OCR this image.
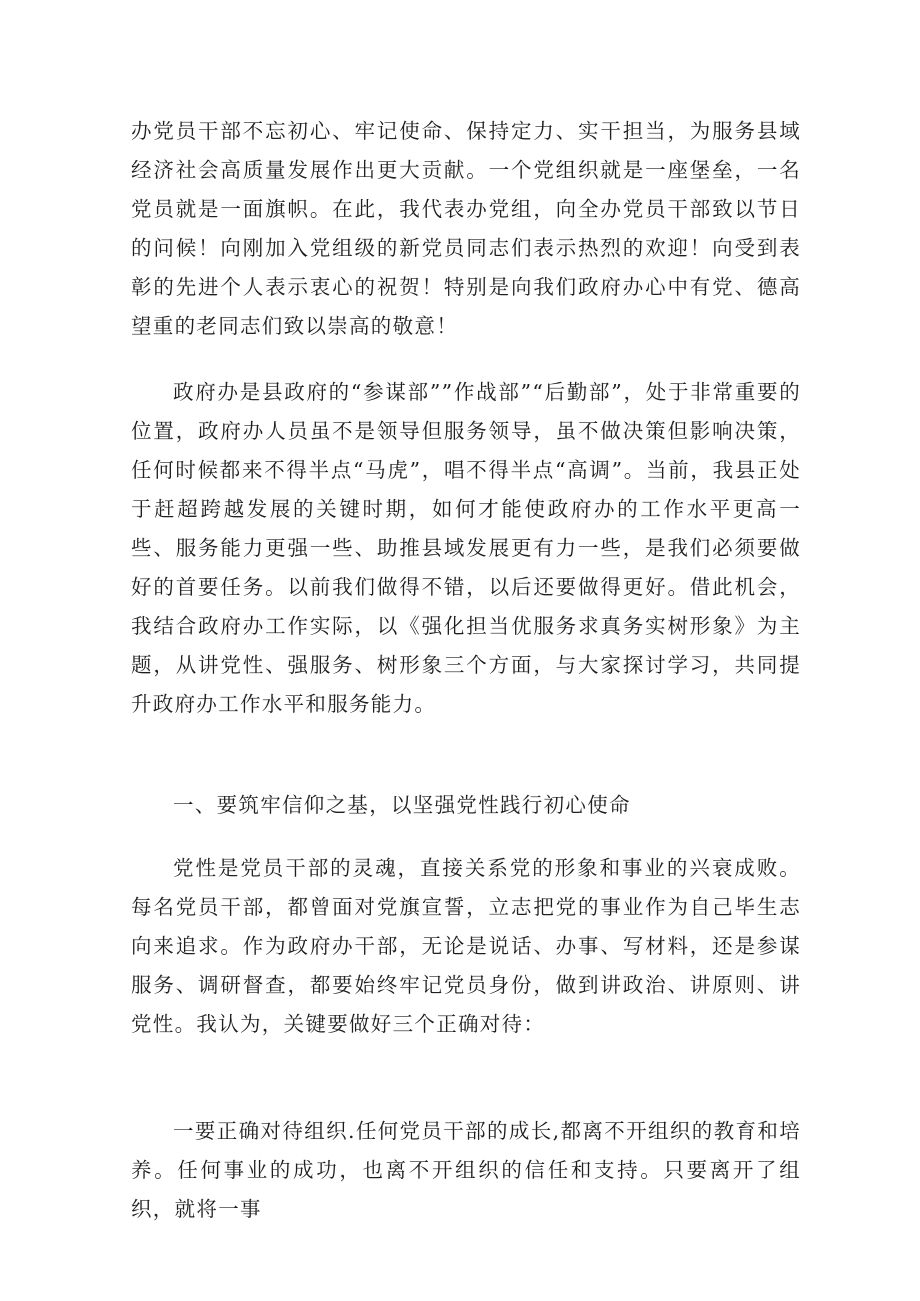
办党员干部不忘初心、牢记使命、保持定力、实干担当，为服务县域经济社会高质量发展作出更大贡献。一个党组织就是一座堡垒，一名党员就是一面旗帜。在此，我代表办党组，向全办党员干部致以节日的问候！向刚加入党组级的新党员同志们表示热烈的欢迎！向受到表彰的先进个人表示衷心的祝贺！特别是向我们政府办心中有党、德高望重的老同志们致以崇高的敬意！

政府办是县政府的“参谋部””作战部”“后勤部”，处于非常重要的位置，政府办人员虽不是领导但服务领导，虽不做决策但影响决策，任何时候都来不得半点“马虎”，唱不得半点“高调”。当前，我县正处于赶超跨越发展的关键时期，如何才能使政府办的工作水平更高一些、服务能力更强一些、助推县域发展更有力一些，是我们必须要做好的首要任务。以前我们做得不错，以后还要做得更好。借此机会，我结合政府办工作实际，以《强化担当优服务求真务实树形象》为主题，从讲党性、强服务、树形象三个方面，与大家探讨学习，共同提升政府办工作水平和服务能力。

一、要筑牢信仰之基，以坚强党性践行初心使命

党性是党员干部的灵魂，直接关系党的形象和事业的兴衰成败。每名党员干部，都曾面对党旗宣誓，立志把党的事业作为自己毕生志向来追求。作为政府办干部，无论是说话、办事、写材料，还是参谋服务、调研督查，都要始终牢记党员身份，做到讲政治、讲原则、讲党性。我认为，关键要做好三个正确对待：

一要正确对待组织.任何党员干部的成长,都离不开组织的教育和培养。任何事业的成功，也离不开组织的信任和支持。只要离开了组织，就将一事
